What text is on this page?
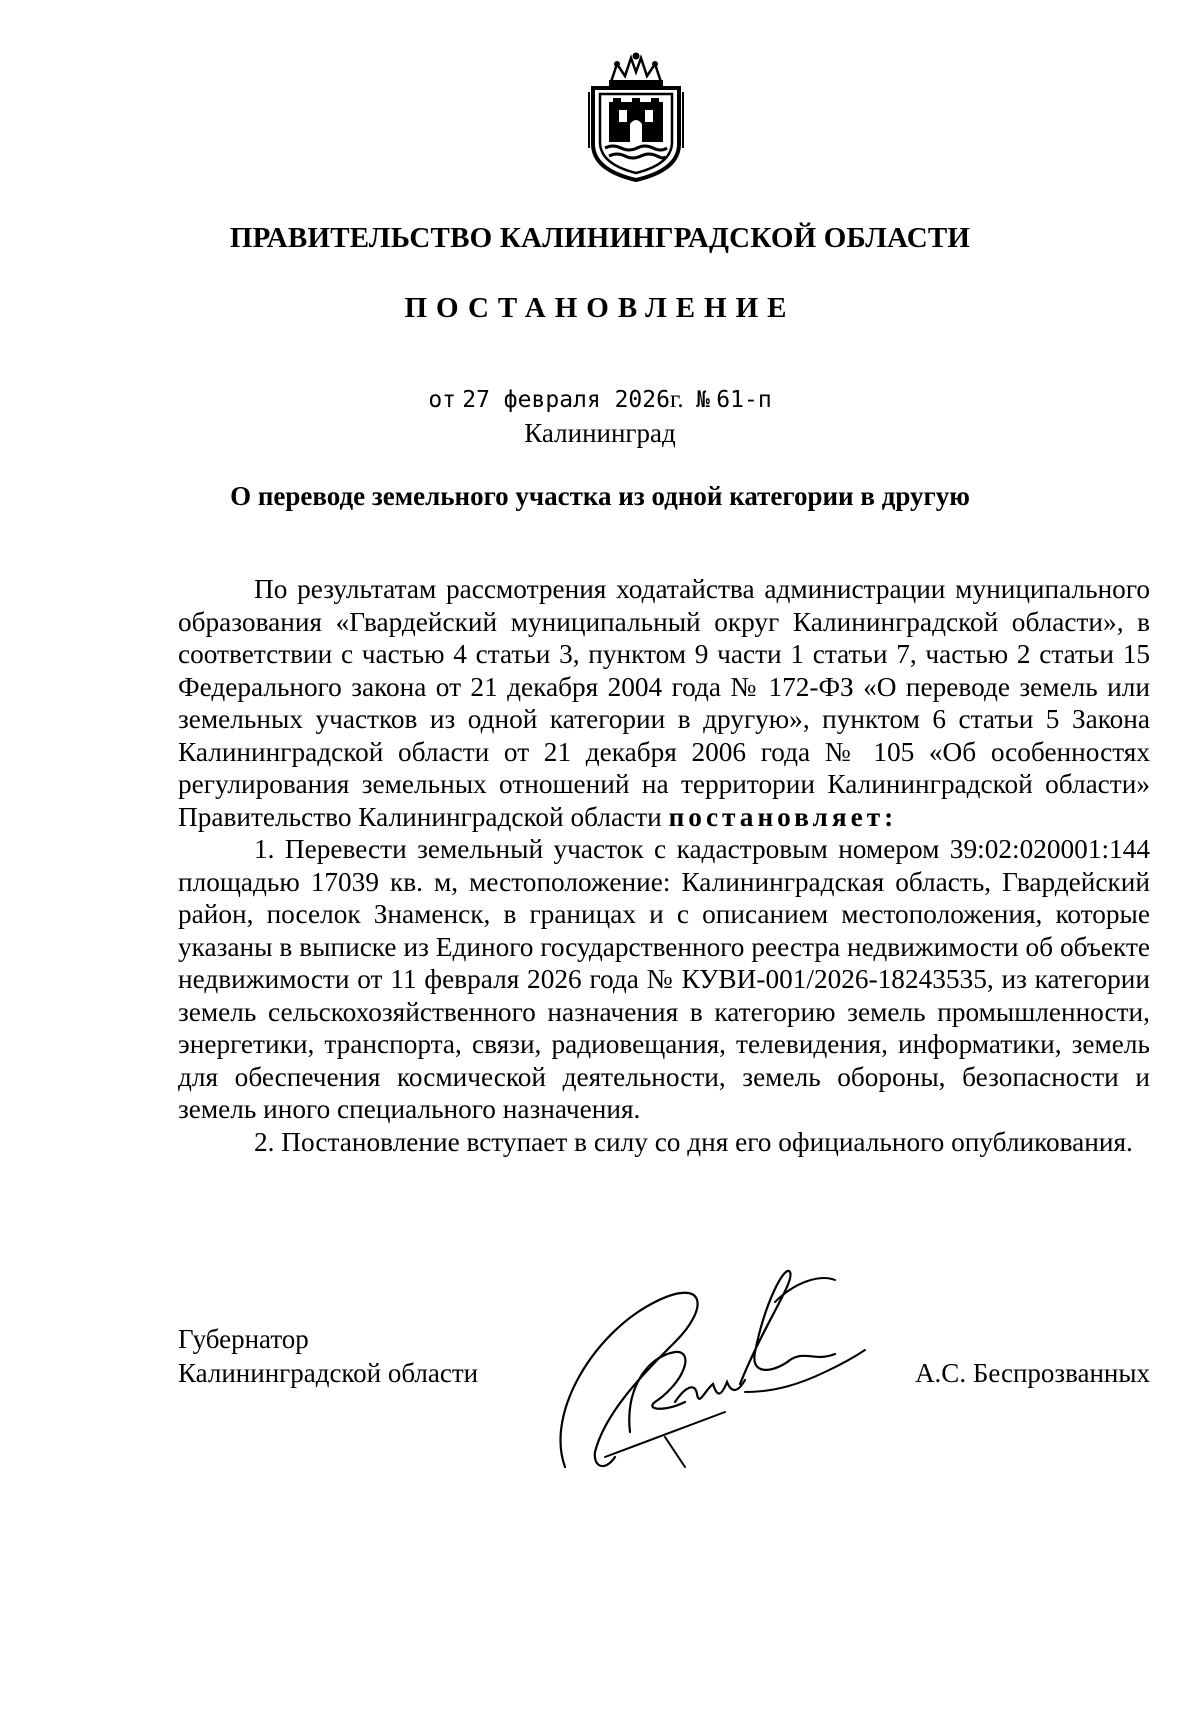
ПРАВИТЕЛЬСТВО КАЛИНИНГРАДСКОЙ ОБЛАСТИ
ПОСТАНОВЛЕНИЕ
от 27 февраля 2026г. № 61-п
Калининград
О переводе земельного участка из одной категории в другую

По результатам рассмотрения ходатайства администрации муниципального образования «Гвардейский муниципальный округ Калининградской области», в соответствии с частью 4 статьи 3, пунктом 9 части 1 статьи 7, частью 2 статьи 15 Федерального закона от 21 декабря 2004 года № 172-ФЗ «О переводе земель или земельных участков из одной категории в другую», пунктом 6 статьи 5 Закона Калининградской области от 21 декабря 2006 года № 105 «Об особенностях регулирования земельных отношений на территории Калининградской области» Правительство Калининградской области постановляет:

1. Перевести земельный участок с кадастровым номером 39:02:020001:144 площадью 17039 кв. м, местоположение: Калининградская область, Гвардейский район, поселок Знаменск, в границах и с описанием местоположения, которые указаны в выписке из Единого государственного реестра недвижимости об объекте недвижимости от 11 февраля 2026 года № КУВИ-001/2026-18243535, из категории земель сельскохозяйственного назначения в категорию земель промышленности, энергетики, транспорта, связи, радиовещания, телевидения, информатики, земель для обеспечения космической деятельности, земель обороны, безопасности и земель иного специального назначения.

2. Постановление вступает в силу со дня его официального опубликования.

Губернатор
Калининградской области	А.С. Беспрозванных
